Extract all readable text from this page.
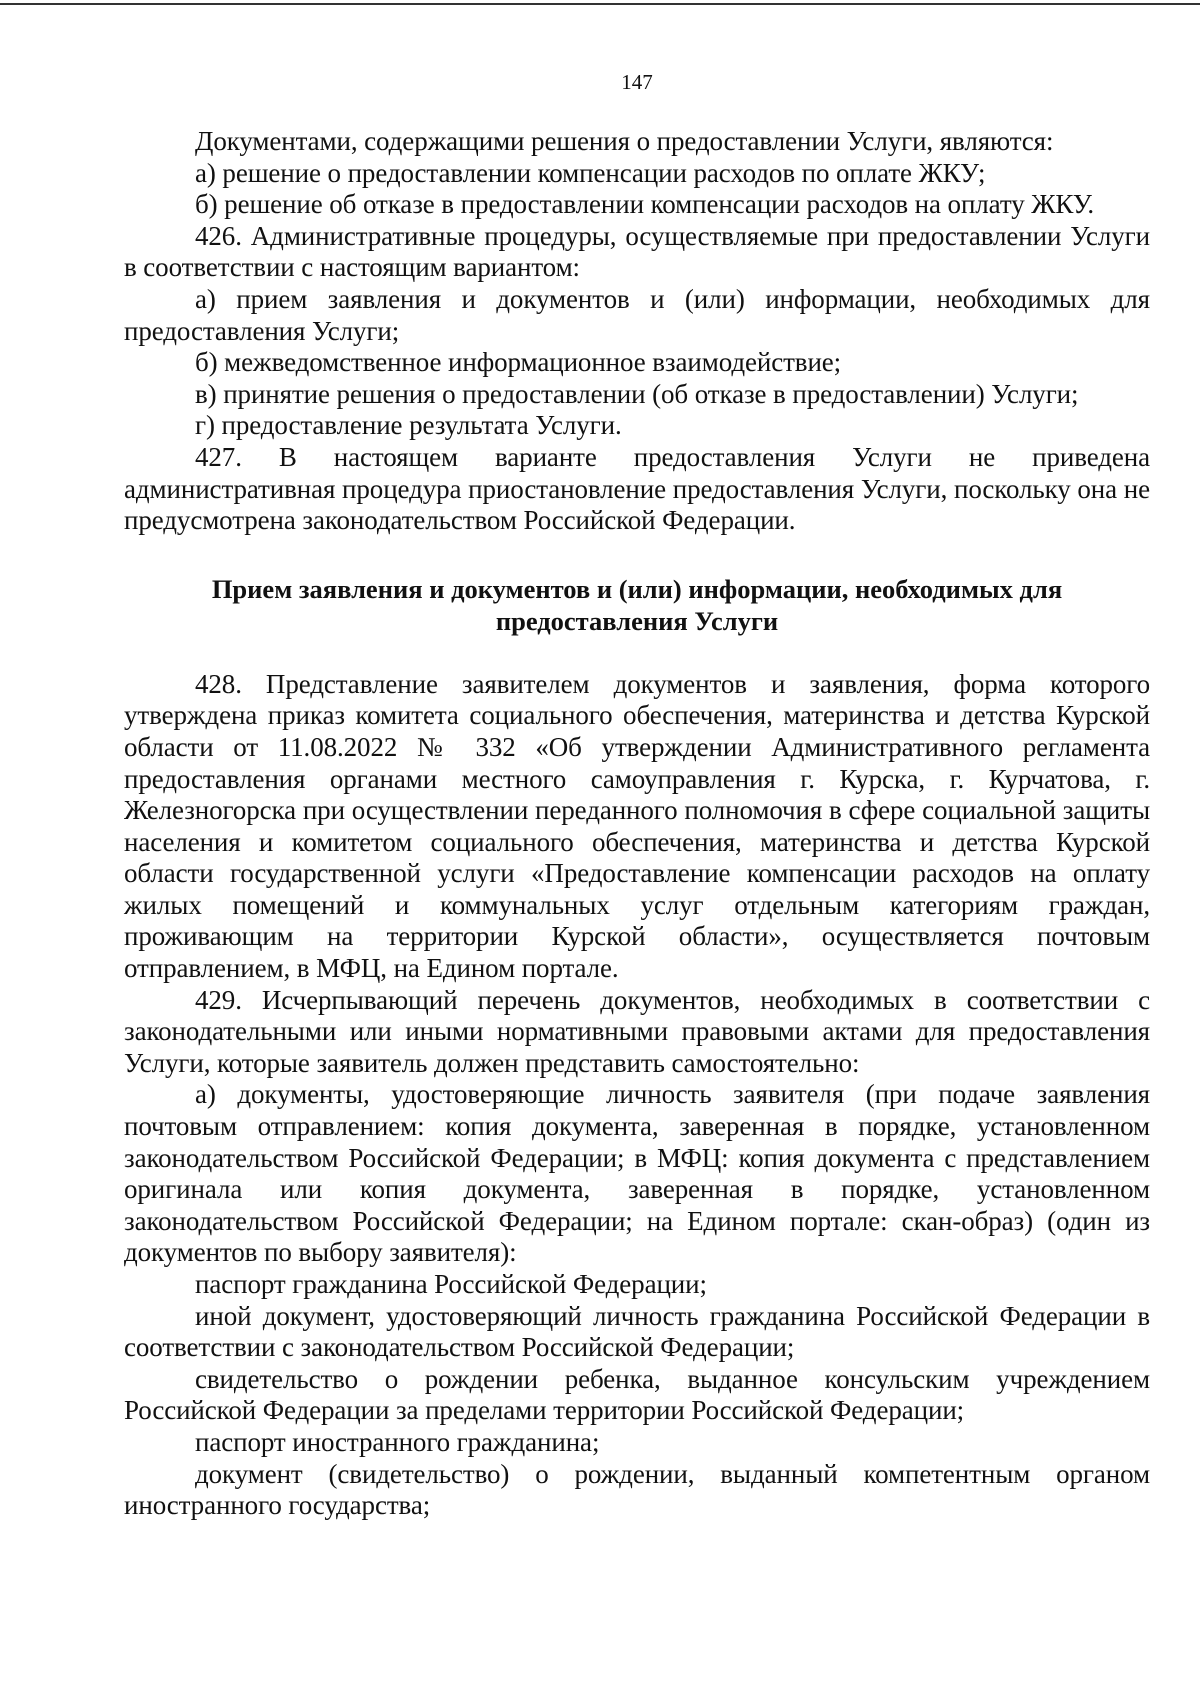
147

Документами, содержащими решения о предоставлении Услуги, являются:

а) решение о предоставлении компенсации расходов по оплате ЖКУ;

б) решение об отказе в предоставлении компенсации расходов на оплату ЖКУ.

426. Административные процедуры, осуществляемые при предоставлении Услуги в соответствии с настоящим вариантом:

а) прием заявления и документов и (или) информации, необходимых для предоставления Услуги;

б) межведомственное информационное взаимодействие;

в) принятие решения о предоставлении (об отказе в предоставлении) Услуги;

г) предоставление результата Услуги.

427. В настоящем варианте предоставления Услуги не приведена административная процедура приостановление предоставления Услуги, поскольку она не предусмотрена законодательством Российской Федерации.

Прием заявления и документов и (или) информации, необходимых для предоставления Услуги

428. Представление заявителем документов и заявления, форма которого утверждена приказ комитета социального обеспечения, материнства и детства Курской области от 11.08.2022 № 332 «Об утверждении Административного регламента предоставления органами местного самоуправления г. Курска, г. Курчатова, г. Железногорска при осуществлении переданного полномочия в сфере социальной защиты населения и комитетом социального обеспечения, материнства и детства Курской области государственной услуги «Предоставление компенсации расходов на оплату жилых помещений и коммунальных услуг отдельным категориям граждан, проживающим на территории Курской области», осуществляется почтовым отправлением, в МФЦ, на Едином портале.

429. Исчерпывающий перечень документов, необходимых в соответствии с законодательными или иными нормативными правовыми актами для предоставления Услуги, которые заявитель должен представить самостоятельно:

а) документы, удостоверяющие личность заявителя (при подаче заявления почтовым отправлением: копия документа, заверенная в порядке, установленном законодательством Российской Федерации; в МФЦ: копия документа с представлением оригинала или копия документа, заверенная в порядке, установленном законодательством Российской Федерации; на Едином портале: скан-образ) (один из документов по выбору заявителя):

паспорт гражданина Российской Федерации;

иной документ, удостоверяющий личность гражданина Российской Федерации в соответствии с законодательством Российской Федерации;

свидетельство о рождении ребенка, выданное консульским учреждением Российской Федерации за пределами территории Российской Федерации;

паспорт иностранного гражданина;

документ (свидетельство) о рождении, выданный компетентным органом иностранного государства;
